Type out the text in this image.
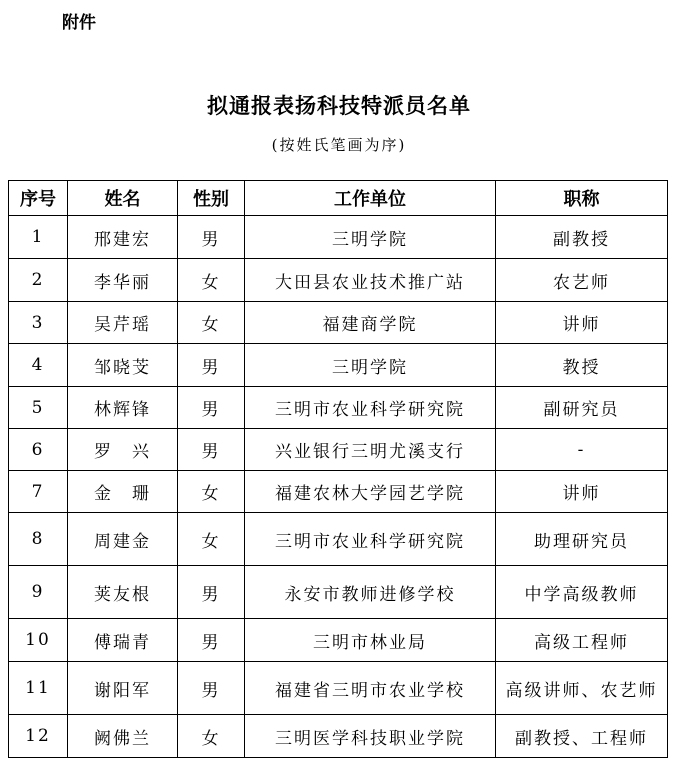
附件
拟通报表扬科技特派员名单
(按姓氏笔画为序)
序号	姓名	性别	工作单位	职称
1	邢建宏	男	三明学院	副教授
2	李华丽	女	大田县农业技术推广站	农艺师
3	吴芹瑶	女	福建商学院	讲师
4	邹晓芠	男	三明学院	教授
5	林辉锋	男	三明市农业科学研究院	副研究员
6	罗　兴	男	兴业银行三明尤溪支行	-
7	金　珊	女	福建农林大学园艺学院	讲师
8	周建金	女	三明市农业科学研究院	助理研究员
9	荚友根	男	永安市教师进修学校	中学高级教师
10	傅瑞青	男	三明市林业局	高级工程师
11	谢阳军	男	福建省三明市农业学校	高级讲师、农艺师
12	阙佛兰	女	三明医学科技职业学院	副教授、工程师
